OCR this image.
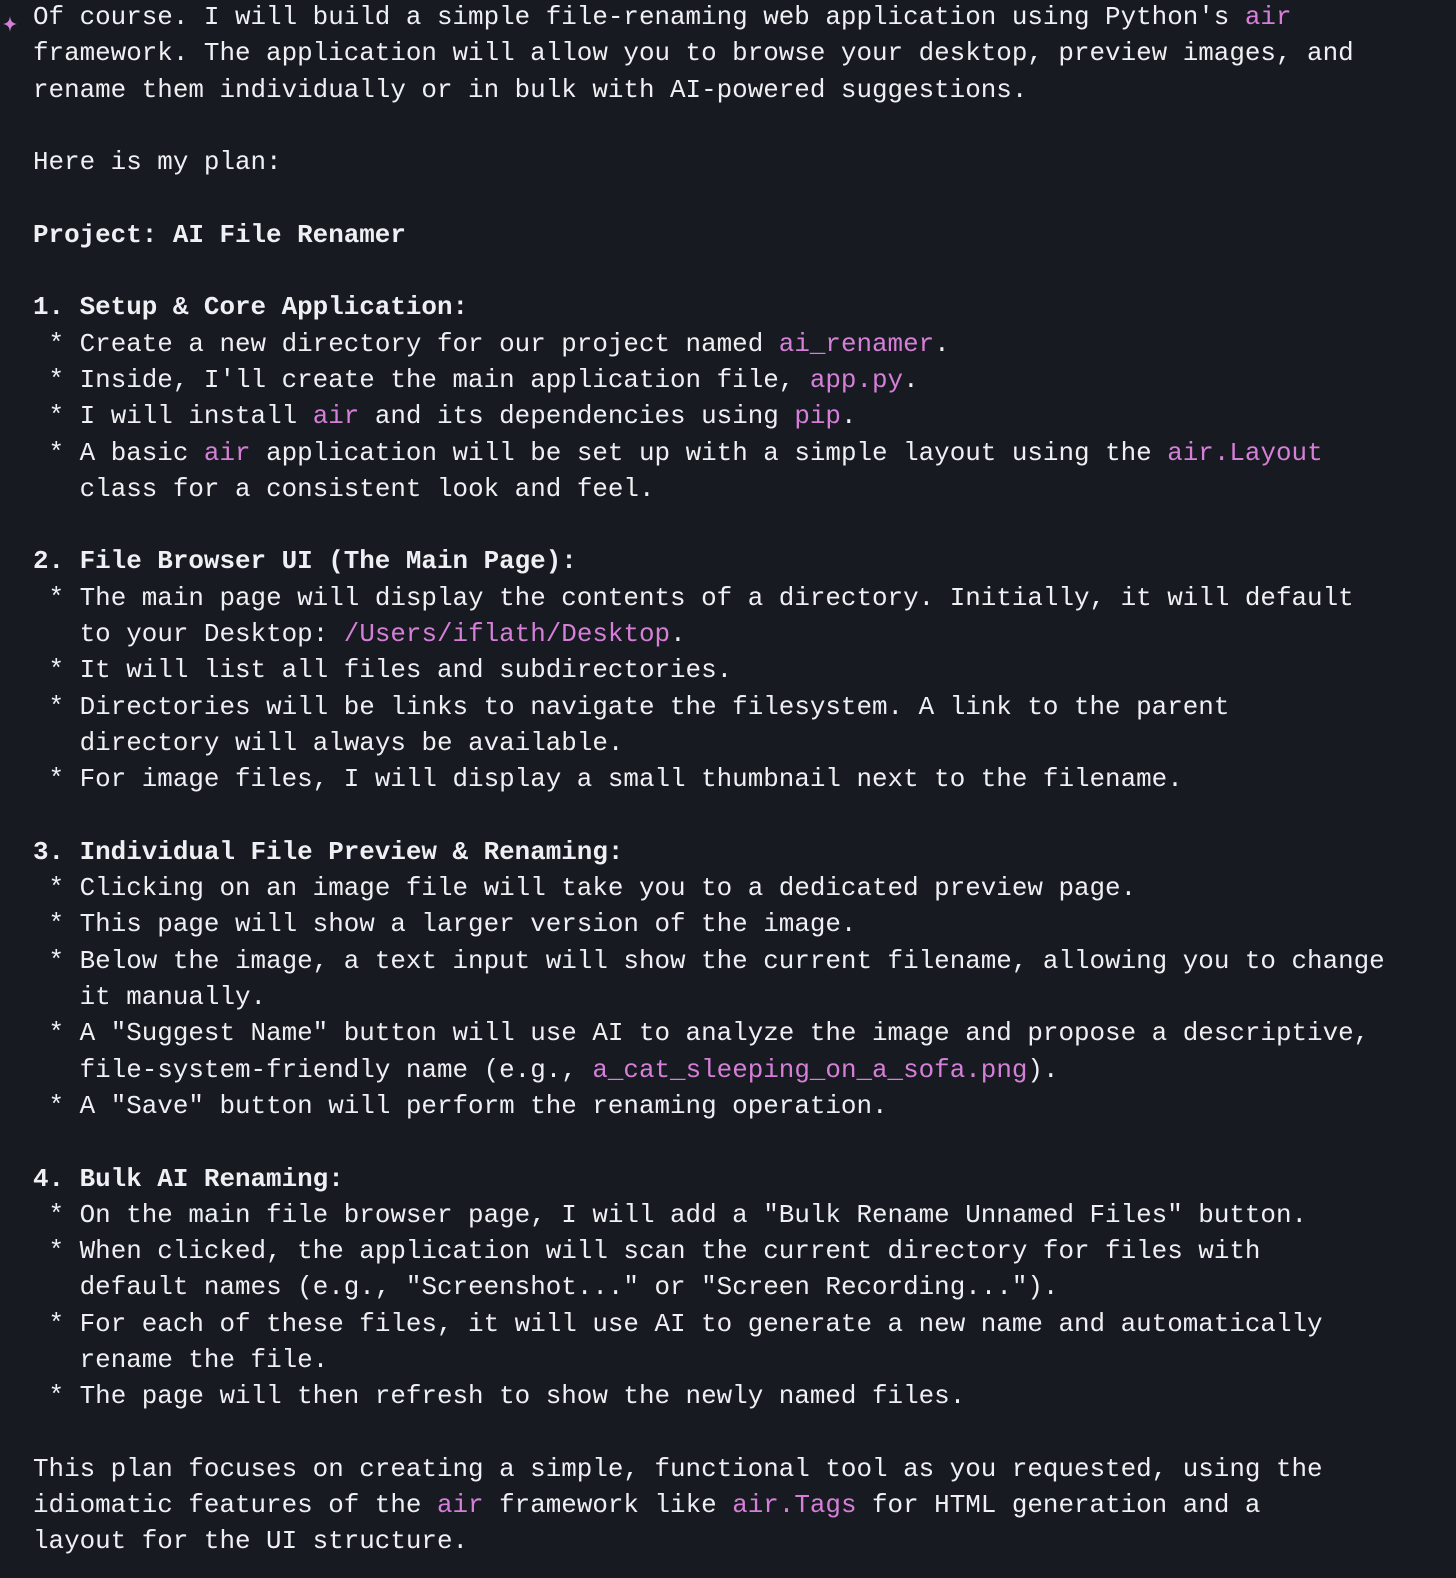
Of course. I will build a simple file-renaming web application using Python's air
framework. The application will allow you to browse your desktop, preview images, and
rename them individually or in bulk with AI-powered suggestions.
Here is my plan:
Project: AI File Renamer
1. Setup & Core Application:
* Create a new directory for our project named ai_renamer.
* Inside, I'll create the main application file, app.py.
* I will install air and its dependencies using pip.
* A basic air application will be set up with a simple layout using the air.Layout
class for a consistent look and feel.
2. File Browser UI (The Main Page):
* The main page will display the contents of a directory. Initially, it will default
to your Desktop: /Users/iflath/Desktop.
* It will list all files and subdirectories.
* Directories will be links to navigate the filesystem. A link to the parent
directory will always be available.
* For image files, I will display a small thumbnail next to the filename.
3. Individual File Preview & Renaming:
* Clicking on an image file will take you to a dedicated preview page.
* This page will show a larger version of the image.
* Below the image, a text input will show the current filename, allowing you to change
it manually.
* A "Suggest Name" button will use AI to analyze the image and propose a descriptive,
file-system-friendly name (e.g., a_cat_sleeping_on_a_sofa.png).
* A "Save" button will perform the renaming operation.
4. Bulk AI Renaming:
* On the main file browser page, I will add a "Bulk Rename Unnamed Files" button.
* When clicked, the application will scan the current directory for files with
default names (e.g., "Screenshot..." or "Screen Recording...").
* For each of these files, it will use AI to generate a new name and automatically
rename the file.
* The page will then refresh to show the newly named files.
This plan focuses on creating a simple, functional tool as you requested, using the
idiomatic features of the air framework like air.Tags for HTML generation and a
layout for the UI structure.
